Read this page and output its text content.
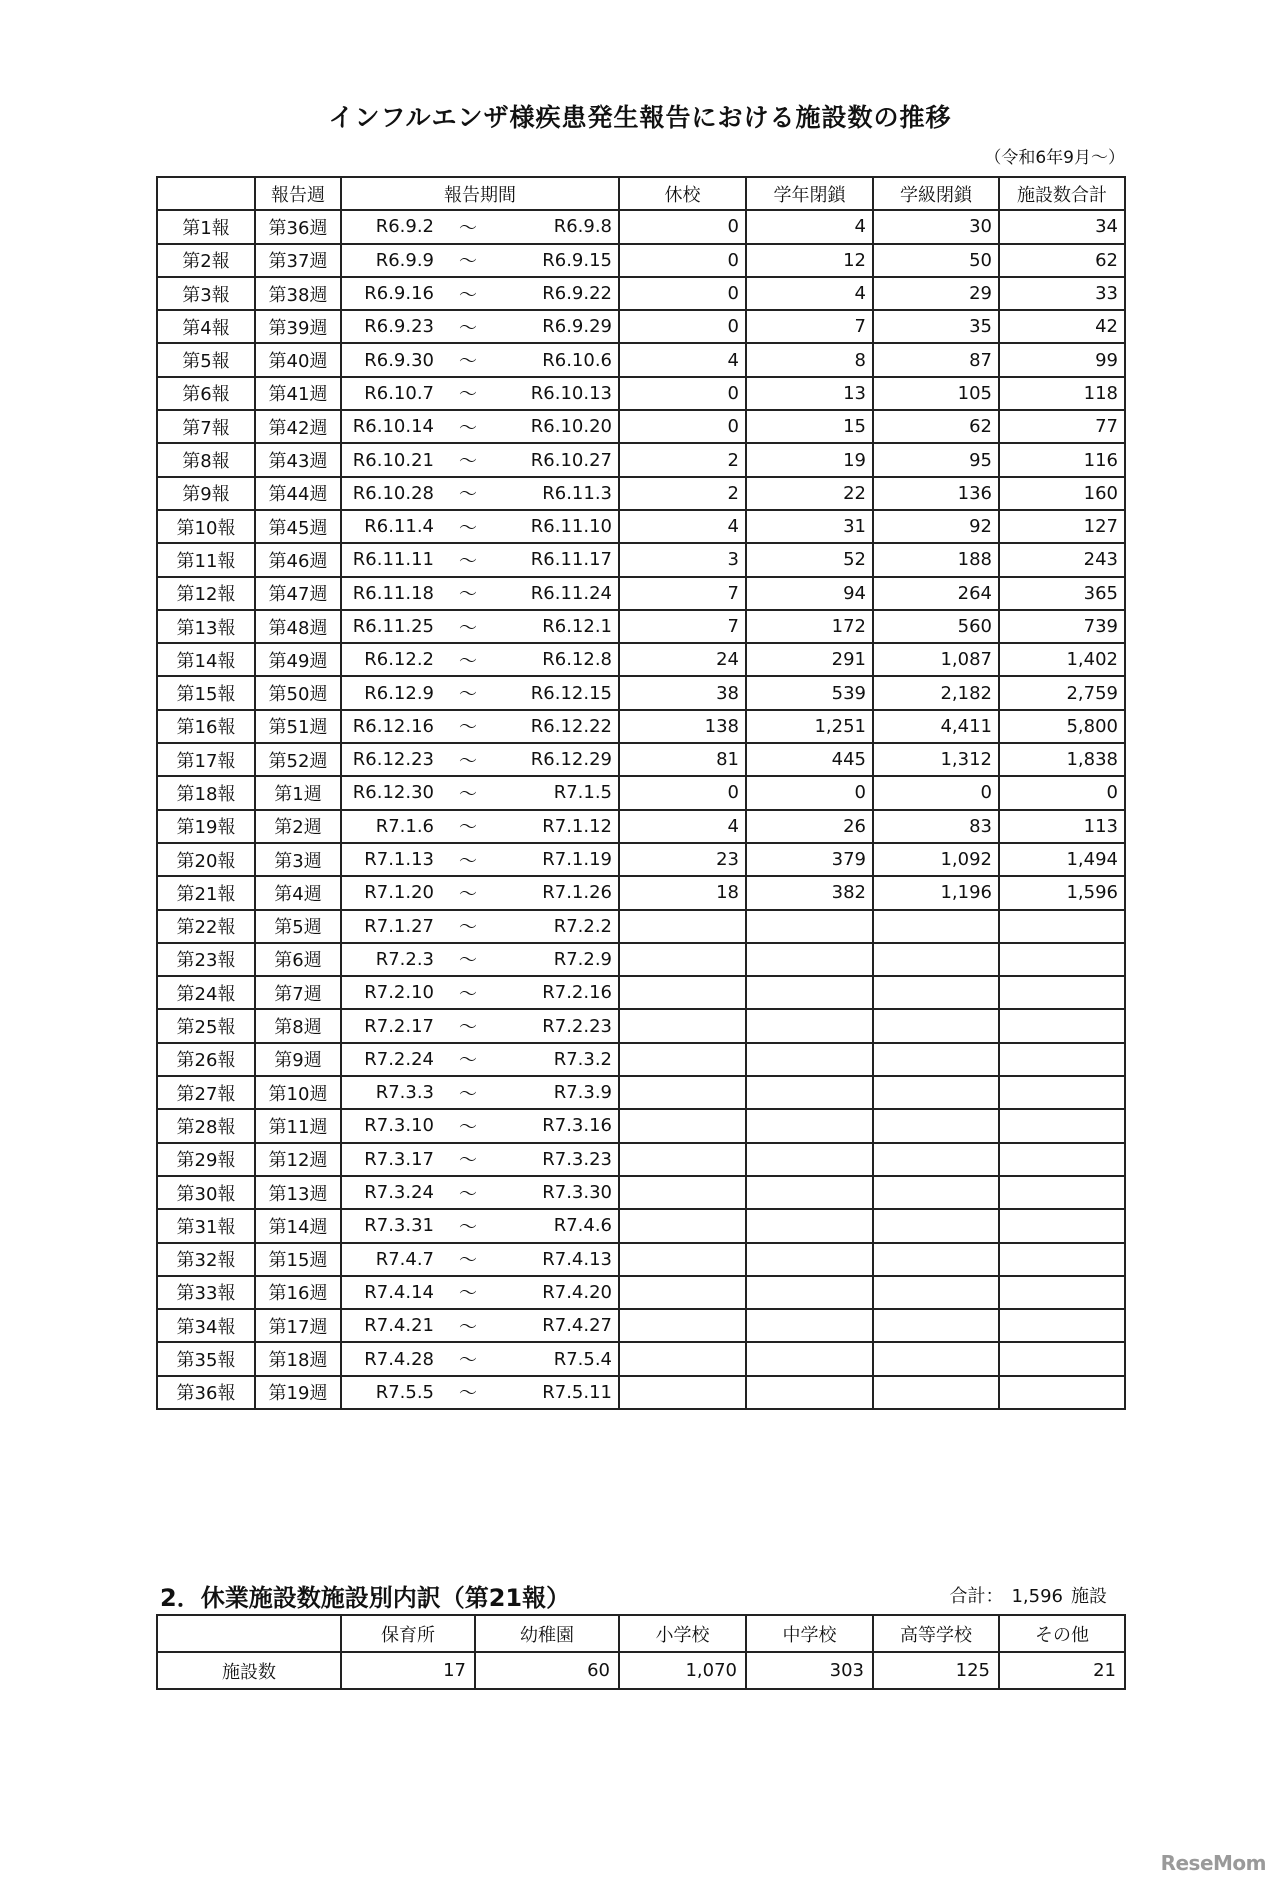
インフルエンザ様疾患発生報告における施設数の推移
（令和6年9月～）
	報告週	報告期間	休校	学年閉鎖	学級閉鎖	施設数合計
第1報	第36週	R6.9.2 ～ R6.9.8	0	4	30	34
第2報	第37週	R6.9.9 ～ R6.9.15	0	12	50	62
第3報	第38週	R6.9.16 ～ R6.9.22	0	4	29	33
第4報	第39週	R6.9.23 ～ R6.9.29	0	7	35	42
第5報	第40週	R6.9.30 ～ R6.10.6	4	8	87	99
第6報	第41週	R6.10.7 ～ R6.10.13	0	13	105	118
第7報	第42週	R6.10.14 ～ R6.10.20	0	15	62	77
第8報	第43週	R6.10.21 ～ R6.10.27	2	19	95	116
第9報	第44週	R6.10.28 ～ R6.11.3	2	22	136	160
第10報	第45週	R6.11.4 ～ R6.11.10	4	31	92	127
第11報	第46週	R6.11.11 ～ R6.11.17	3	52	188	243
第12報	第47週	R6.11.18 ～ R6.11.24	7	94	264	365
第13報	第48週	R6.11.25 ～ R6.12.1	7	172	560	739
第14報	第49週	R6.12.2 ～ R6.12.8	24	291	1,087	1,402
第15報	第50週	R6.12.9 ～ R6.12.15	38	539	2,182	2,759
第16報	第51週	R6.12.16 ～ R6.12.22	138	1,251	4,411	5,800
第17報	第52週	R6.12.23 ～ R6.12.29	81	445	1,312	1,838
第18報	第1週	R6.12.30 ～ R7.1.5	0	0	0	0
第19報	第2週	R7.1.6 ～ R7.1.12	4	26	83	113
第20報	第3週	R7.1.13 ～ R7.1.19	23	379	1,092	1,494
第21報	第4週	R7.1.20 ～ R7.1.26	18	382	1,196	1,596
第22報	第5週	R7.1.27 ～ R7.2.2				

第23報	第6週	R7.2.3 ～ R7.2.9				

第24報	第7週	R7.2.10 ～ R7.2.16				

第25報	第8週	R7.2.17 ～ R7.2.23				

第26報	第9週	R7.2.24 ～ R7.3.2				

第27報	第10週	R7.3.3 ～ R7.3.9				

第28報	第11週	R7.3.10 ～ R7.3.16				

第29報	第12週	R7.3.17 ～ R7.3.23				

第30報	第13週	R7.3.24 ～ R7.3.30				

第31報	第14週	R7.3.31 ～ R7.4.6				

第32報	第15週	R7.4.7 ～ R7.4.13				

第33報	第16週	R7.4.14 ～ R7.4.20				

第34報	第17週	R7.4.21 ～ R7.4.27				

第35報	第18週	R7.4.28 ～ R7.5.4				

第36報	第19週	R7.5.5 ～ R7.5.11				

2．休業施設数施設別内訳（第21報）	合計： 1,596 施設
	保育所	幼稚園	小学校	中学校	高等学校	その他
施設数	17	60	1,070	303	125	21
ReseMom
